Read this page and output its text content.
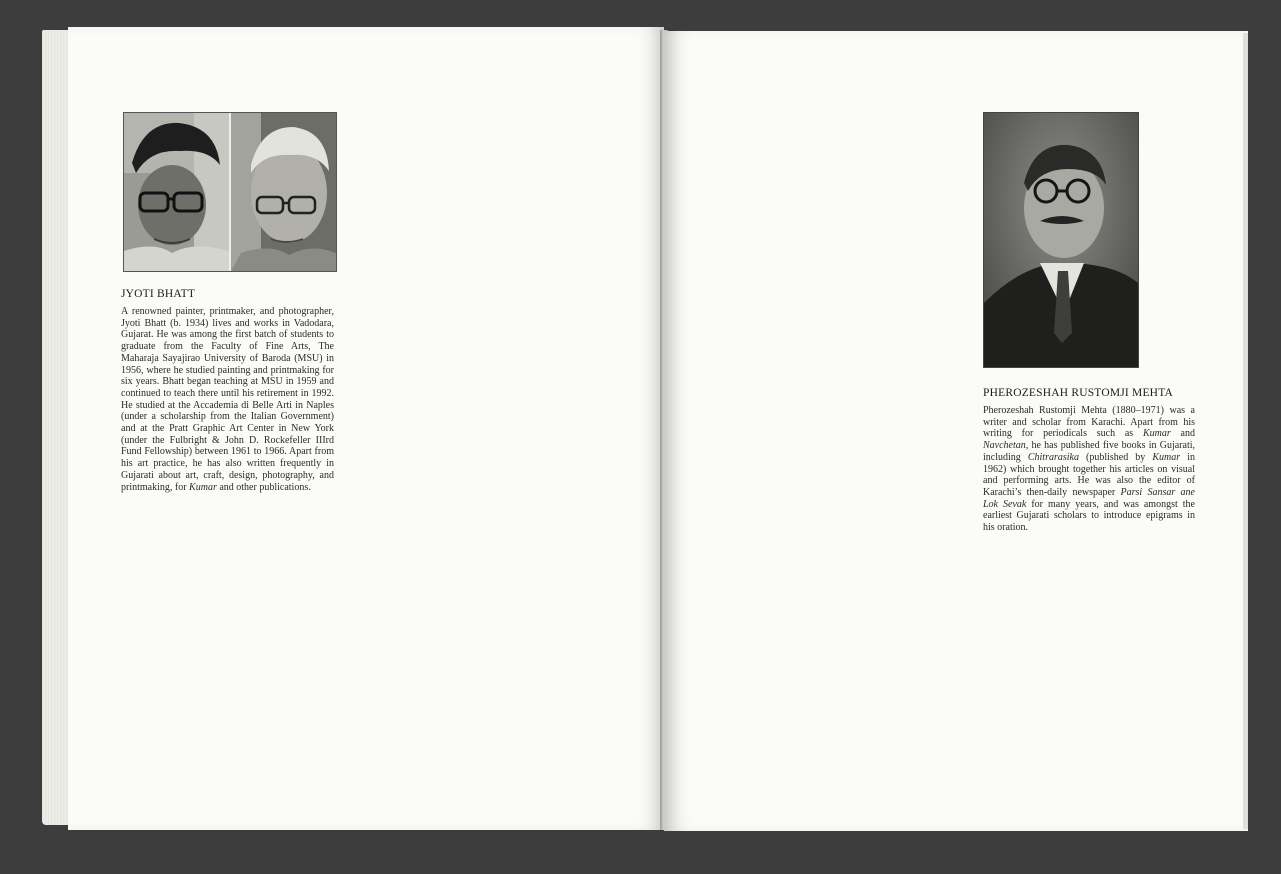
JYOTI BHATT

A renowned painter, printmaker, and photographer, Jyoti Bhatt (b. 1934) lives and works in Vadodara, Gujarat. He was among the first batch of students to graduate from the Faculty of Fine Arts, The Maharaja Sayajirao University of Baroda (MSU) in 1956, where he studied painting and printmaking for six years. Bhatt began teaching at MSU in 1959 and continued to teach there until his retirement in 1992. He studied at the Accademia di Belle Arti in Naples (under a scholarship from the Italian Government) and at the Pratt Graphic Art Center in New York (under the Fulbright & John D. Rockefeller IIIrd Fund Fellowship) between 1961 to 1966. Apart from his art practice, he has also written frequently in Gujarati about art, craft, design, photography, and printmaking, for Kumar and other publications.

PHEROZESHAH RUSTOMJI MEHTA

Pherozeshah Rustomji Mehta (1880–1971) was a writer and scholar from Karachi. Apart from his writing for periodicals such as Kumar and Navchetan, he has published five books in Gujarati, including Chitrarasika (published by Kumar in 1962) which brought together his articles on visual and performing arts. He was also the editor of Karachi’s then-daily newspaper Parsi Sansar ane Lok Sevak for many years, and was amongst the earliest Gujarati scholars to introduce epigrams in his oration.
